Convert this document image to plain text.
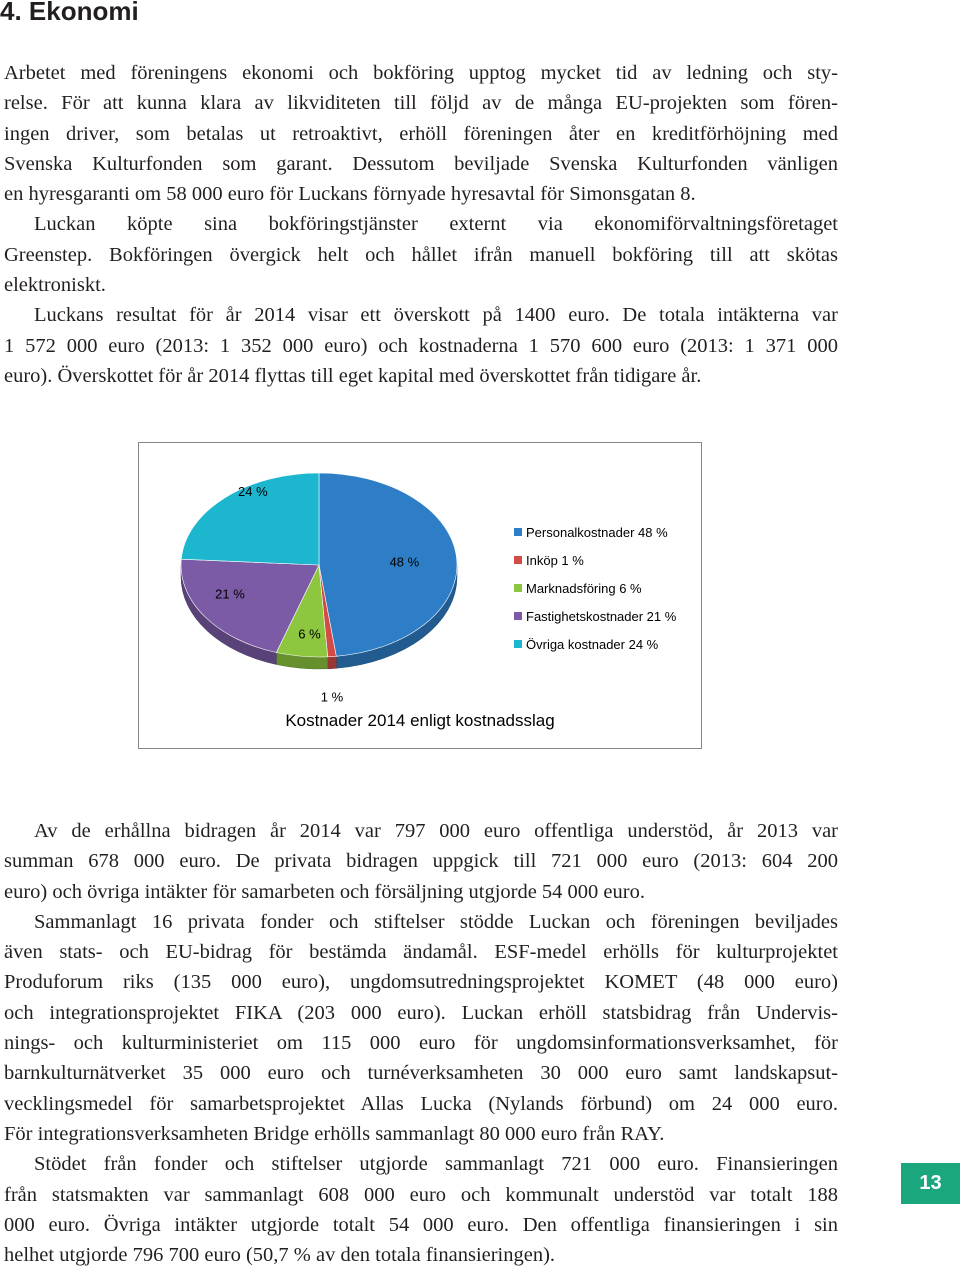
4. Ekonomi

Arbetet med föreningens ekonomi och bokföring upptog mycket tid av ledning och sty-
relse. För att kunna klara av likviditeten till följd av de många EU-projekten som fören-
ingen driver, som betalas ut retroaktivt, erhöll föreningen åter en kreditförhöjning med
Svenska Kulturfonden som garant. Dessutom beviljade Svenska Kulturfonden vänligen
en hyresgaranti om 58 000 euro för Luckans förnyade hyresavtal för Simonsgatan 8.

Luckan köpte sina bokföringstjänster externt via ekonomiförvaltningsföretaget
Greenstep. Bokföringen övergick helt och hållet ifrån manuell bokföring till att skötas
elektroniskt.

Luckans resultat för år 2014 visar ett överskott på 1400 euro. De totala intäkterna var
1 572 000 euro (2013: 1 352 000 euro) och kostnaderna 1 570 600 euro (2013: 1 371 000
euro). Överskottet för år 2014 flyttas till eget kapital med överskottet från tidigare år.

48 %
1 %
6 %
21 %
24 %
Personalkostnader 48 %
Inköp 1 %
Marknadsföring 6 %
Fastighetskostnader 21 %
Övriga kostnader 24 %
Kostnader 2014 enligt kostnadsslag

Av de erhållna bidragen år 2014 var 797 000 euro offentliga understöd, år 2013 var
summan 678 000 euro. De privata bidragen uppgick till 721 000 euro (2013: 604 200
euro) och övriga intäkter för samarbeten och försäljning utgjorde 54 000 euro.

Sammanlagt 16 privata fonder och stiftelser stödde Luckan och föreningen beviljades
även stats- och EU-bidrag för bestämda ändamål. ESF-medel erhölls för kulturprojektet
Produforum riks (135 000 euro), ungdomsutredningsprojektet KOMET (48 000 euro)
och integrationsprojektet FIKA (203 000 euro). Luckan erhöll statsbidrag från Undervis-
nings- och kulturministeriet om 115 000 euro för ungdomsinformationsverksamhet, för
barnkulturnätverket 35 000 euro och turnéverksamheten 30 000 euro samt landskapsut-
vecklingsmedel för samarbetsprojektet Allas Lucka (Nylands förbund) om 24 000 euro.
För integrationsverksamheten Bridge erhölls sammanlagt 80 000 euro från RAY.

Stödet från fonder och stiftelser utgjorde sammanlagt 721 000 euro. Finansieringen
från statsmakten var sammanlagt 608 000 euro och kommunalt understöd var totalt 188
000 euro. Övriga intäkter utgjorde totalt 54 000 euro. Den offentliga finansieringen i sin
helhet utgjorde 796 700 euro (50,7 % av den totala finansieringen).

13
